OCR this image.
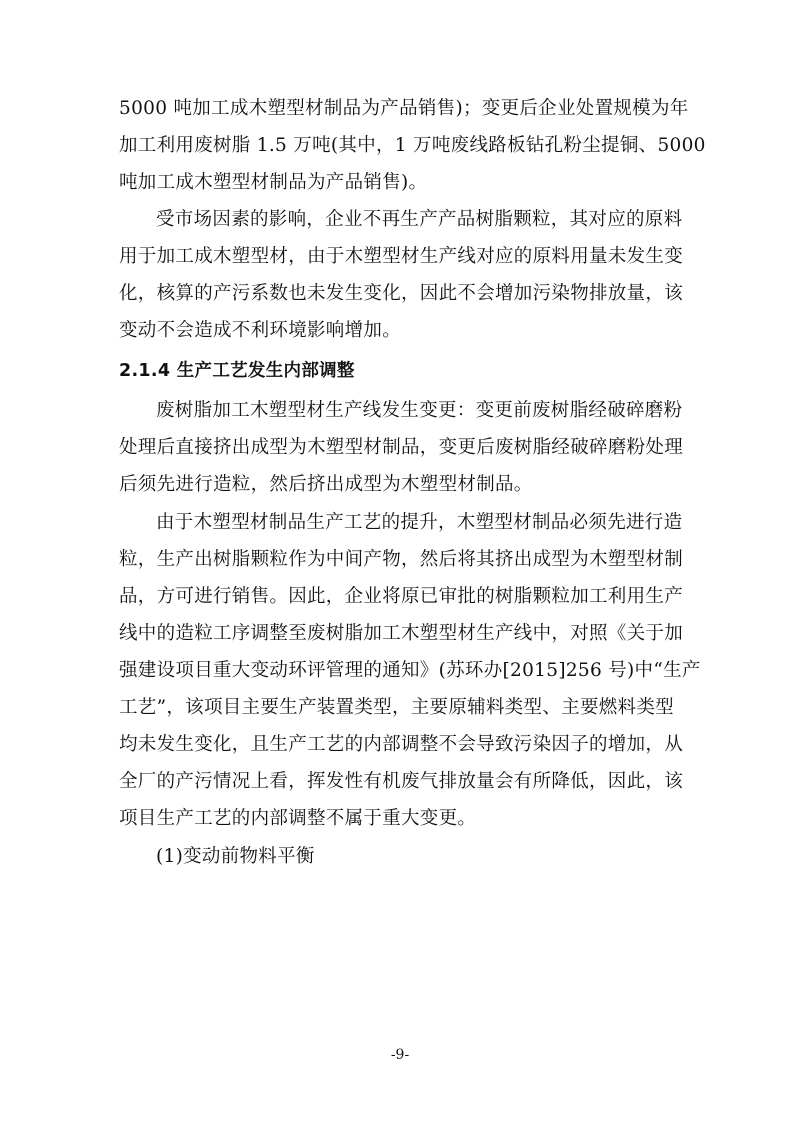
5000 吨加工成木塑型材制品为产品销售)；变更后企业处置规模为年
加工利用废树脂 1.5 万吨(其中，1 万吨废线路板钻孔粉尘提铜、5000
吨加工成木塑型材制品为产品销售)。
受市场因素的影响，企业不再生产产品树脂颗粒，其对应的原料
用于加工成木塑型材，由于木塑型材生产线对应的原料用量未发生变
化，核算的产污系数也未发生变化，因此不会增加污染物排放量，该
变动不会造成不利环境影响增加。
2.1.4 生产工艺发生内部调整
废树脂加工木塑型材生产线发生变更：变更前废树脂经破碎磨粉
处理后直接挤出成型为木塑型材制品，变更后废树脂经破碎磨粉处理
后须先进行造粒，然后挤出成型为木塑型材制品。
由于木塑型材制品生产工艺的提升，木塑型材制品必须先进行造
粒，生产出树脂颗粒作为中间产物，然后将其挤出成型为木塑型材制
品，方可进行销售。因此，企业将原已审批的树脂颗粒加工利用生产
线中的造粒工序调整至废树脂加工木塑型材生产线中，对照《关于加
强建设项目重大变动环评管理的通知》(苏环办[2015]256 号)中“生产
工艺”，该项目主要生产装置类型，主要原辅料类型、主要燃料类型
均未发生变化，且生产工艺的内部调整不会导致污染因子的增加，从
全厂的产污情况上看，挥发性有机废气排放量会有所降低，因此，该
项目生产工艺的内部调整不属于重大变更。
(1)变动前物料平衡
-9-
